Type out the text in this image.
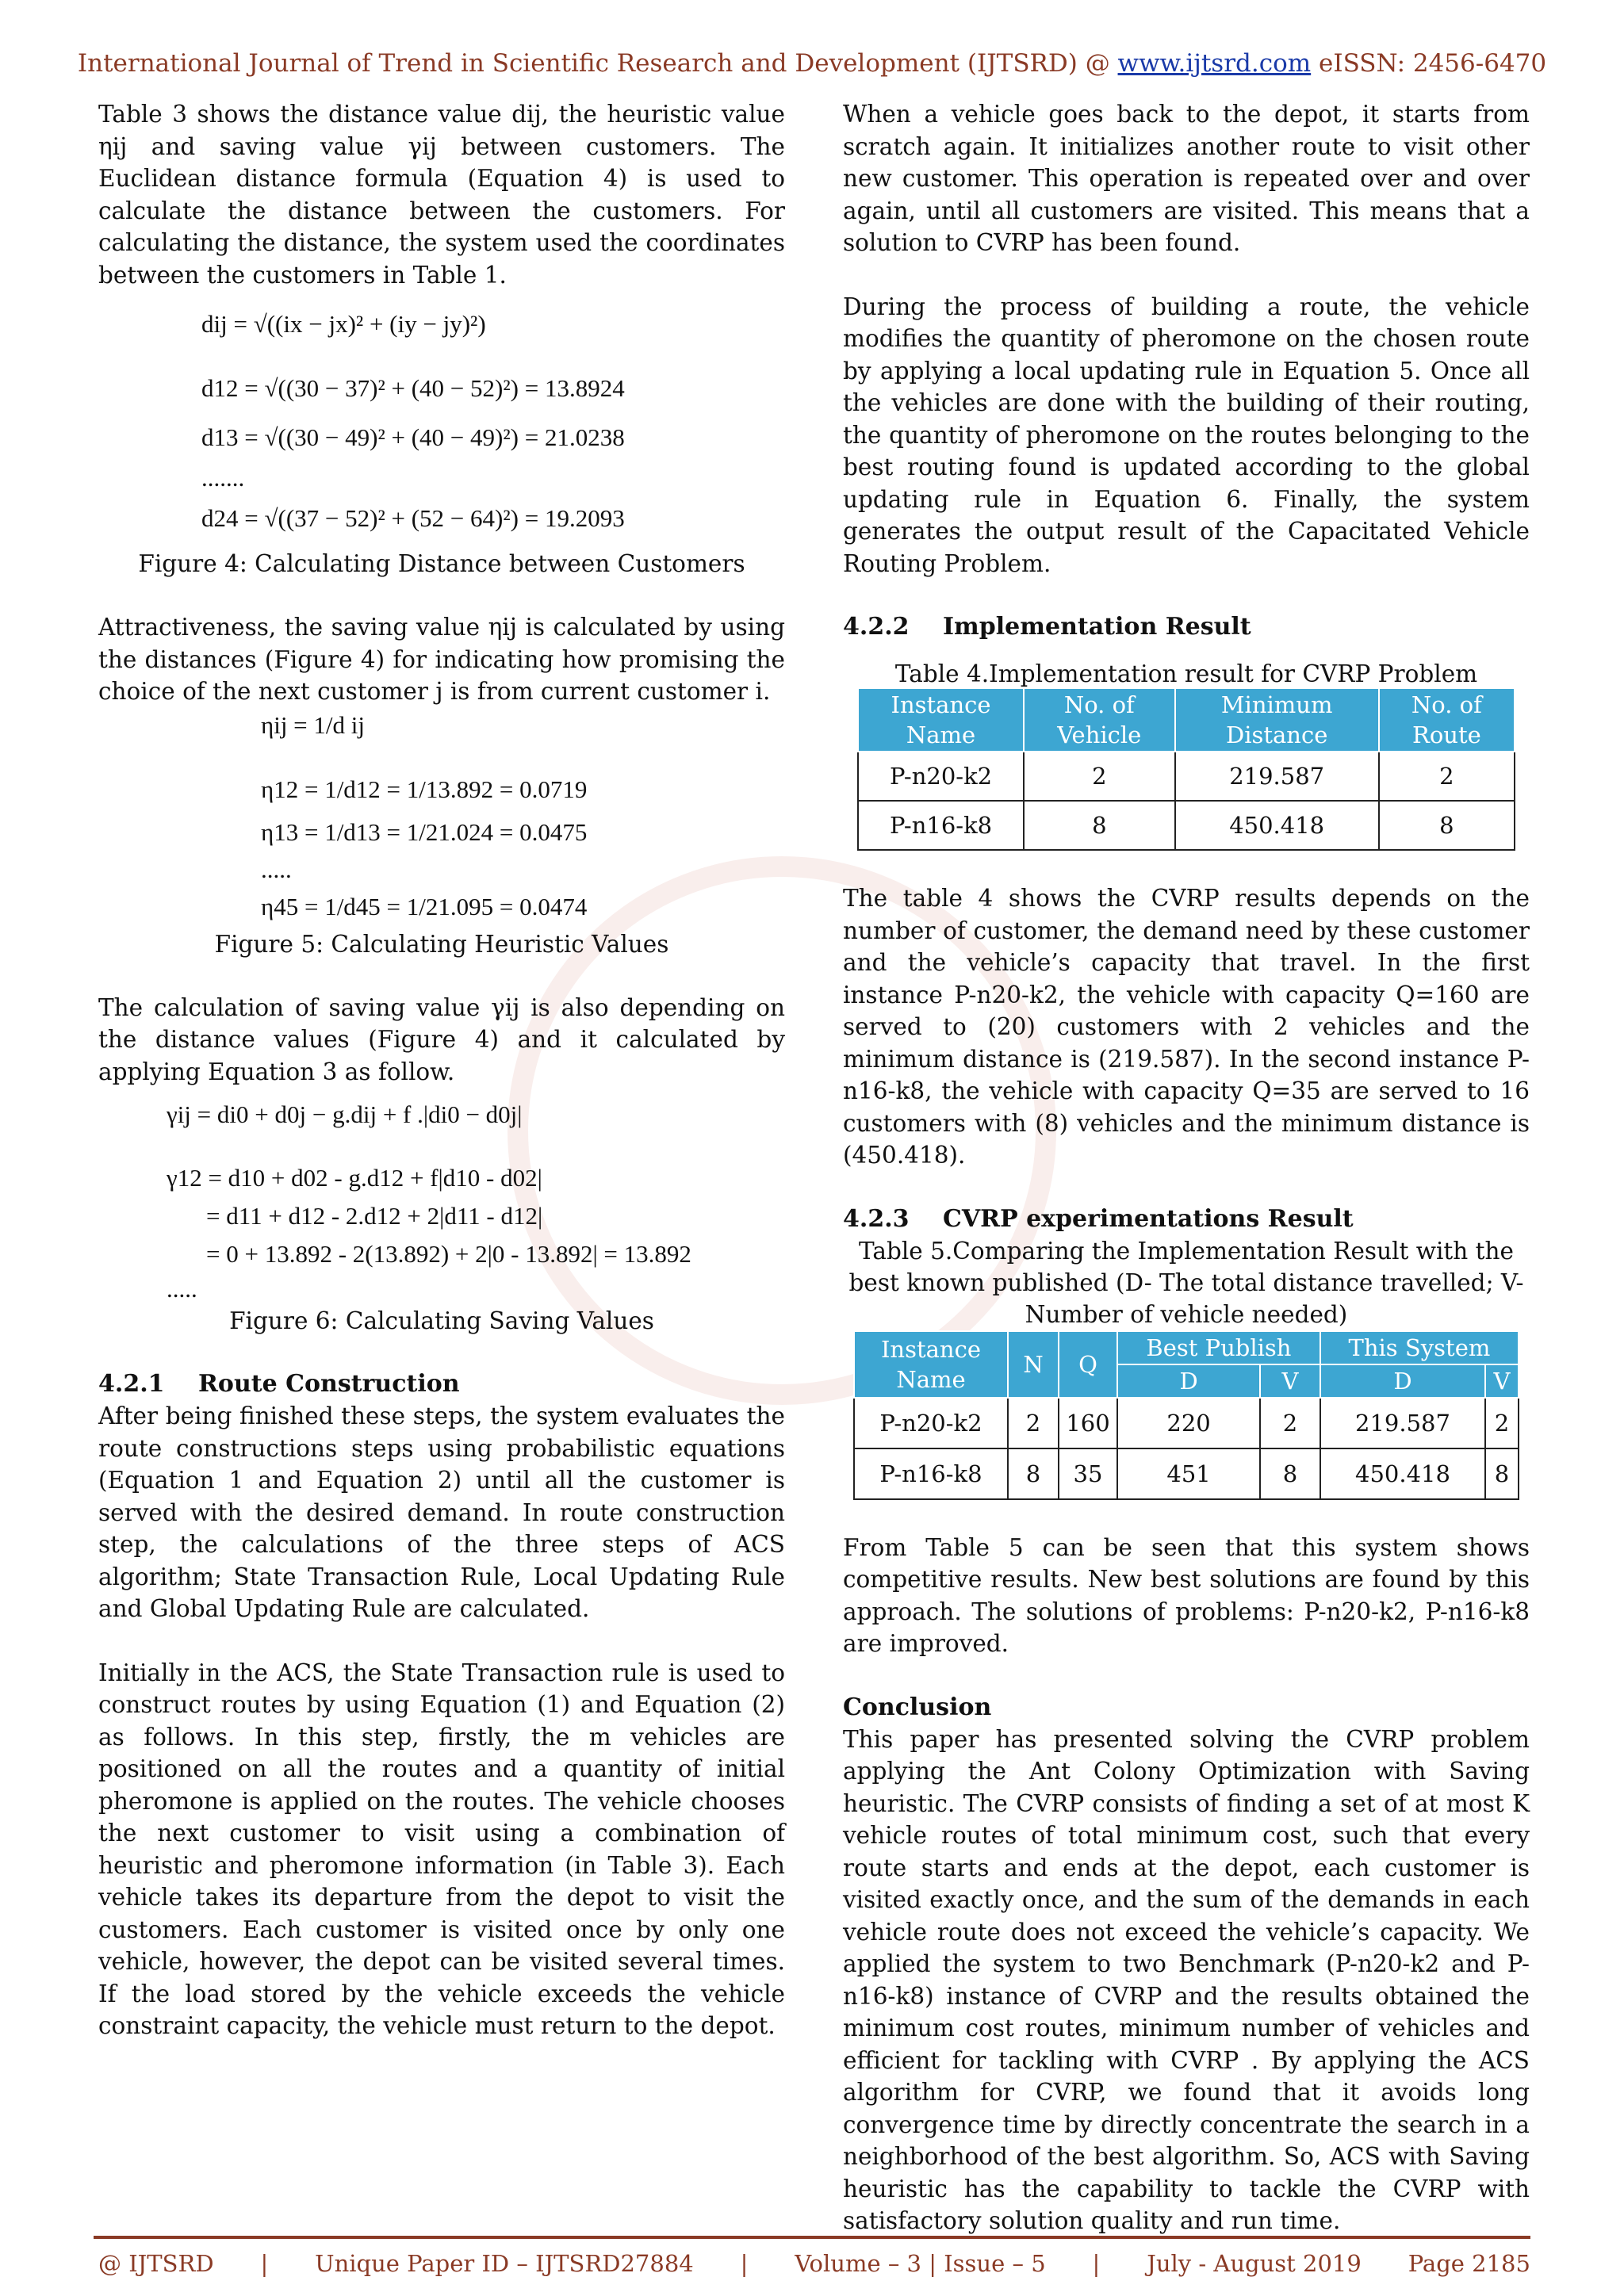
International Journal of Trend in Scientific Research and Development (IJTSRD) @ www.ijtsrd.com eISSN: 2456-6470

Table 3 shows the distance value dij, the heuristic value ηij and saving value γij between customers. The Euclidean distance formula (Equation 4) is used to calculate the distance between the customers. For calculating the distance, the system used the coordinates between the customers in Table 1.

dij = √((ix − jx)² + (iy − jy)²)
d12 = √((30 − 37)² + (40 − 52)²) = 13.8924
d13 = √((30 − 49)² + (40 − 49)²) = 21.0238
.......
d24 = √((37 − 52)² + (52 − 64)²) = 19.2093
Figure 4: Calculating Distance between Customers

Attractiveness, the saving value ηij is calculated by using the distances (Figure 4) for indicating how promising the choice of the next customer j is from current customer i.

ηij = 1/d ij
η12 = 1/d12 = 1/13.892 = 0.0719
η13 = 1/d13 = 1/21.024 = 0.0475
.....
η45 = 1/d45 = 1/21.095 = 0.0474
Figure 5: Calculating Heuristic Values

The calculation of saving value γij is also depending on the distance values (Figure 4) and it calculated by applying Equation 3 as follow.

γij = di0 + d0j − g.dij + f .|di0 − d0j|
γ12 = d10 + d02 - g.d12 + f|d10 - d02|
= d11 + d12 - 2.d12 + 2|d11 - d12|
= 0 + 13.892 - 2(13.892) + 2|0 - 13.892| = 13.892
.....
Figure 6: Calculating Saving Values
4.2.1 Route Construction

After being finished these steps, the system evaluates the route constructions steps using probabilistic equations (Equation 1 and Equation 2) until all the customer is served with the desired demand. In route construction step, the calculations of the three steps of ACS algorithm; State Transaction Rule, Local Updating Rule and Global Updating Rule are calculated.

Initially in the ACS, the State Transaction rule is used to construct routes by using Equation (1) and Equation (2) as follows. In this step, firstly, the m vehicles are positioned on all the routes and a quantity of initial pheromone is applied on the routes. The vehicle chooses the next customer to visit using a combination of heuristic and pheromone information (in Table 3). Each vehicle takes its departure from the depot to visit the customers. Each customer is visited once by only one vehicle, however, the depot can be visited several times. If the load stored by the vehicle exceeds the vehicle constraint capacity, the vehicle must return to the depot.

When a vehicle goes back to the depot, it starts from scratch again. It initializes another route to visit other new customer. This operation is repeated over and over again, until all customers are visited. This means that a solution to CVRP has been found.

During the process of building a route, the vehicle modifies the quantity of pheromone on the chosen route by applying a local updating rule in Equation 5. Once all the vehicles are done with the building of their routing, the quantity of pheromone on the routes belonging to the best routing found is updated according to the global updating rule in Equation 6. Finally, the system generates the output result of the Capacitated Vehicle Routing Problem.

4.2.2 Implementation Result
Table 4.Implementation result for CVRP Problem
Instance Name	No. of Vehicle	Minimum Distance	No. of Route
P-n20-k2	2	219.587	2
P-n16-k8	8	450.418	8

The table 4 shows the CVRP results depends on the number of customer, the demand need by these customer and the vehicle’s capacity that travel. In the first instance P-n20-k2, the vehicle with capacity Q=160 are served to (20) customers with 2 vehicles and the minimum distance is (219.587). In the second instance P-n16-k8, the vehicle with capacity Q=35 are served to 16 customers with (8) vehicles and the minimum distance is (450.418).

4.2.3 CVRP experimentations Result
Table 5.Comparing the Implementation Result with the best known published (D- The total distance travelled; V- Number of vehicle needed)
Instance Name	N	Q	Best Publish		This System	
			D	V	D	V
P-n20-k2	2	160	220	2	219.587	2
P-n16-k8	8	35	451	8	450.418	8

From Table 5 can be seen that this system shows competitive results. New best solutions are found by this approach. The solutions of problems: P-n20-k2, P-n16-k8 are improved.

Conclusion

This paper has presented solving the CVRP problem applying the Ant Colony Optimization with Saving heuristic. The CVRP consists of finding a set of at most K vehicle routes of total minimum cost, such that every route starts and ends at the depot, each customer is visited exactly once, and the sum of the demands in each vehicle route does not exceed the vehicle’s capacity. We applied the system to two Benchmark (P-n20-k2 and P-n16-k8) instance of CVRP and the results obtained the minimum cost routes, minimum number of vehicles and efficient for tackling with CVRP . By applying the ACS algorithm for CVRP, we found that it avoids long convergence time by directly concentrate the search in a neighborhood of the best algorithm. So, ACS with Saving heuristic has the capability to tackle the CVRP with satisfactory solution quality and run time.

@ IJTSRD | Unique Paper ID – IJTSRD27884 | Volume – 3 | Issue – 5 | July - August 2019 Page 2185
